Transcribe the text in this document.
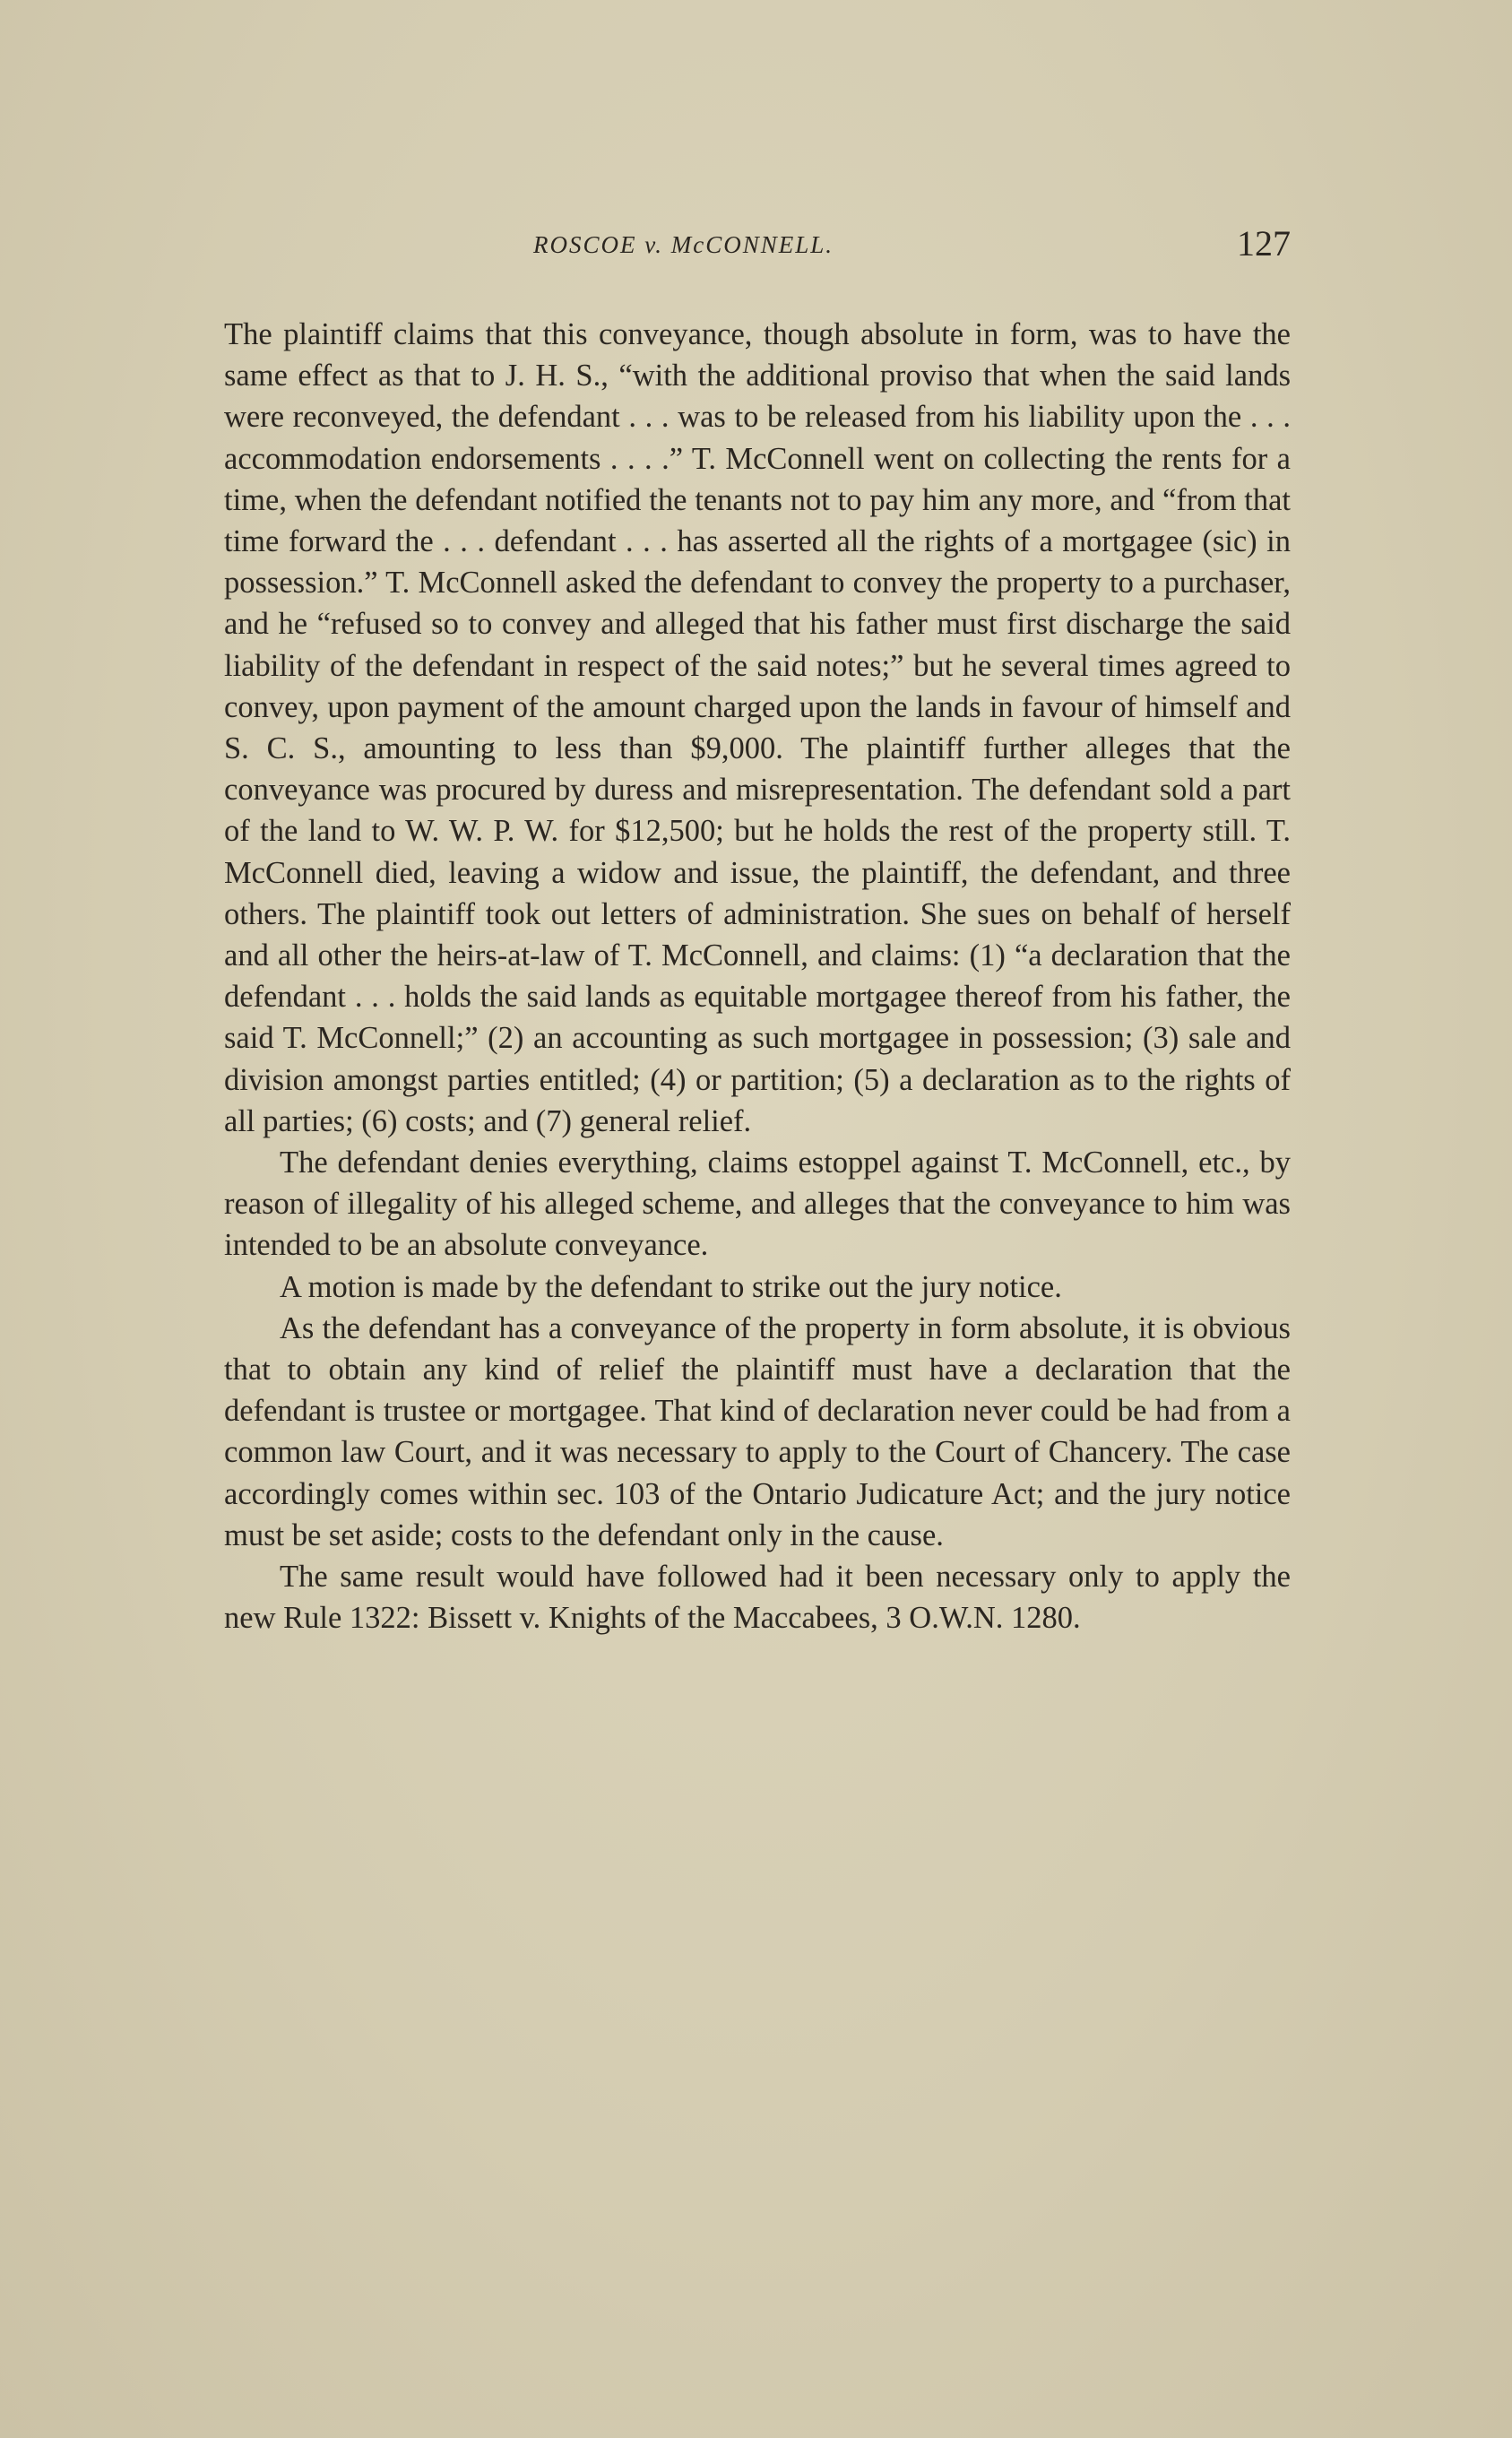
ROSCOE v. McCONNELL.	127

The plaintiff claims that this conveyance, though absolute in form, was to have the same effect as that to J. H. S., “with the additional proviso that when the said lands were reconveyed, the defendant . . . was to be released from his liability upon the . . . accommodation endorsements . . . .” T. McConnell went on collecting the rents for a time, when the defendant notified the tenants not to pay him any more, and “from that time forward the . . . defendant . . . has asserted all the rights of a mortgagee (sic) in possession.” T. McConnell asked the defendant to convey the property to a purchaser, and he “refused so to convey and alleged that his father must first discharge the said liability of the defendant in respect of the said notes;” but he several times agreed to convey, upon payment of the amount charged upon the lands in favour of himself and S. C. S., amounting to less than $9,000. The plaintiff further alleges that the conveyance was procured by duress and misrepresentation. The defendant sold a part of the land to W. W. P. W. for $12,500; but he holds the rest of the property still. T. McConnell died, leaving a widow and issue, the plaintiff, the defendant, and three others. The plaintiff took out letters of administration. She sues on behalf of herself and all other the heirs-at-law of T. McConnell, and claims: (1) “a declaration that the defendant . . . holds the said lands as equitable mortgagee thereof from his father, the said T. McConnell;” (2) an accounting as such mortgagee in possession; (3) sale and division amongst parties entitled; (4) or partition; (5) a declaration as to the rights of all parties; (6) costs; and (7) general relief.

The defendant denies everything, claims estoppel against T. McConnell, etc., by reason of illegality of his alleged scheme, and alleges that the conveyance to him was intended to be an absolute conveyance.

A motion is made by the defendant to strike out the jury notice.

As the defendant has a conveyance of the property in form absolute, it is obvious that to obtain any kind of relief the plaintiff must have a declaration that the defendant is trustee or mortgagee. That kind of declaration never could be had from a common law Court, and it was necessary to apply to the Court of Chancery. The case accordingly comes within sec. 103 of the Ontario Judicature Act; and the jury notice must be set aside; costs to the defendant only in the cause.

The same result would have followed had it been necessary only to apply the new Rule 1322: Bissett v. Knights of the Maccabees, 3 O.W.N. 1280.
